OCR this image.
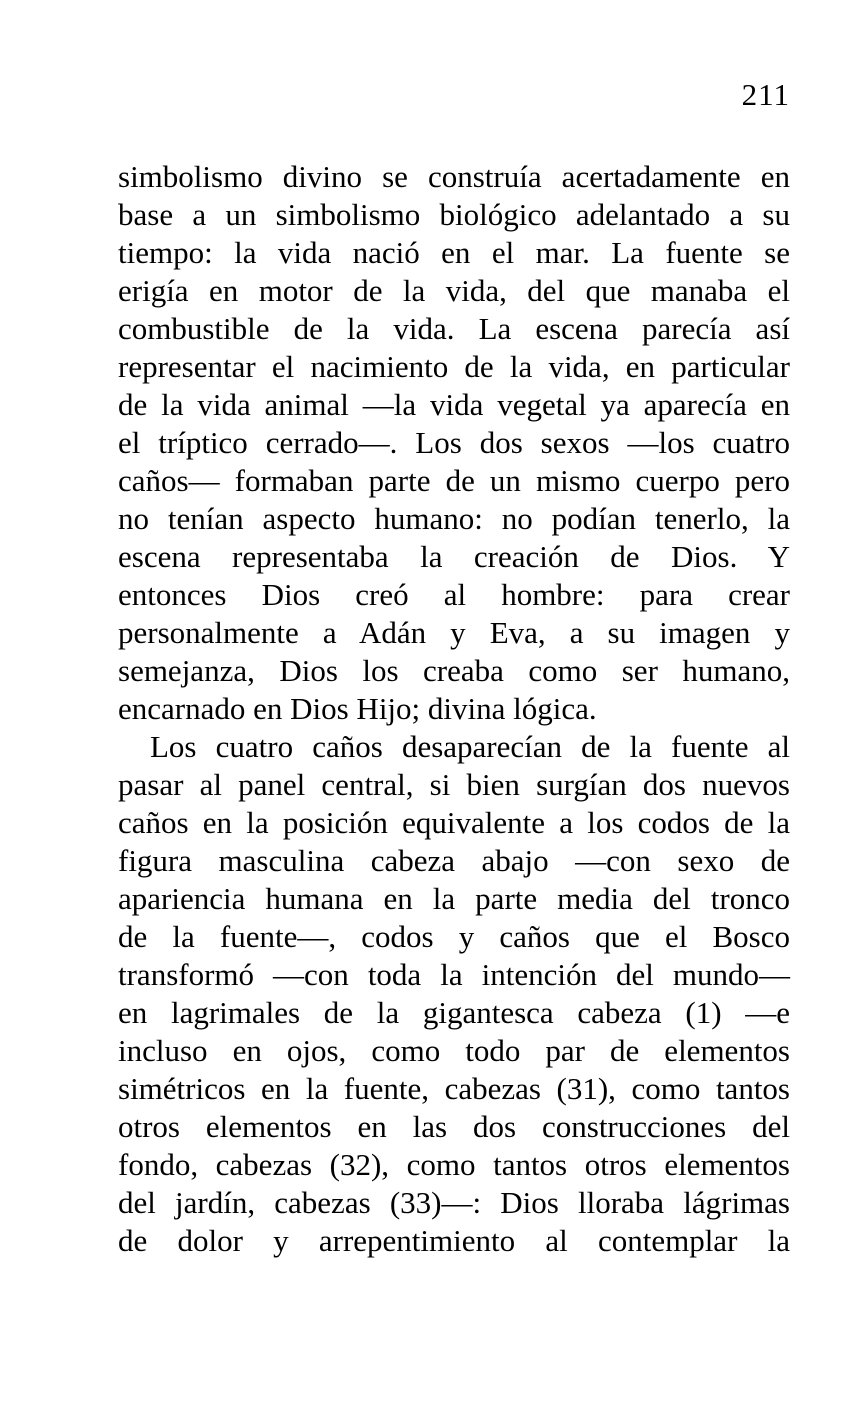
211
simbolismo divino se construía acertadamente en
base a un simbolismo biológico adelantado a su
tiempo: la vida nació en el mar. La fuente se
erigía en motor de la vida, del que manaba el
combustible de la vida. La escena parecía así
representar el nacimiento de la vida, en particular
de la vida animal —la vida vegetal ya aparecía en
el tríptico cerrado—. Los dos sexos —los cuatro
caños— formaban parte de un mismo cuerpo pero
no tenían aspecto humano: no podían tenerlo, la
escena representaba la creación de Dios. Y
entonces Dios creó al hombre: para crear
personalmente a Adán y Eva, a su imagen y
semejanza, Dios los creaba como ser humano,
encarnado en Dios Hijo; divina lógica.
Los cuatro caños desaparecían de la fuente al
pasar al panel central, si bien surgían dos nuevos
caños en la posición equivalente a los codos de la
figura masculina cabeza abajo —con sexo de
apariencia humana en la parte media del tronco
de la fuente—, codos y caños que el Bosco
transformó —con toda la intención del mundo—
en lagrimales de la gigantesca cabeza (1) —e
incluso en ojos, como todo par de elementos
simétricos en la fuente, cabezas (31), como tantos
otros elementos en las dos construcciones del
fondo, cabezas (32), como tantos otros elementos
del jardín, cabezas (33)—: Dios lloraba lágrimas
de dolor y arrepentimiento al contemplar la
